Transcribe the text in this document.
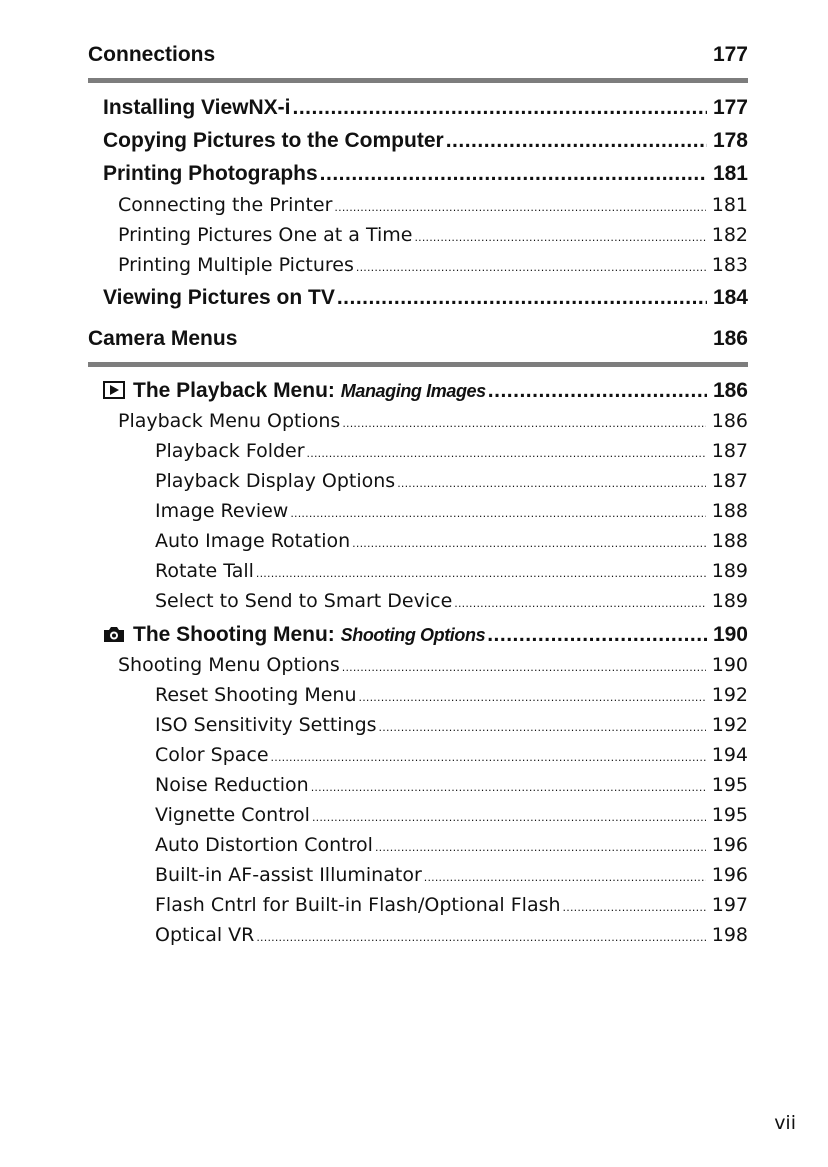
Connections	177
Installing ViewNX-i .....	177
Copying Pictures to the Computer .....	178
Printing Photographs .....	181
Connecting the Printer .....	181
Printing Pictures One at a Time .....	182
Printing Multiple Pictures .....	183
Viewing Pictures on TV .....	184
Camera Menus	186
The Playback Menu: Managing Images .....	186
Playback Menu Options .....	186
Playback Folder .....	187
Playback Display Options .....	187
Image Review .....	188
Auto Image Rotation .....	188
Rotate Tall .....	189
Select to Send to Smart Device .....	189
The Shooting Menu: Shooting Options .....	190
Shooting Menu Options .....	190
Reset Shooting Menu .....	192
ISO Sensitivity Settings .....	192
Color Space .....	194
Noise Reduction .....	195
Vignette Control .....	195
Auto Distortion Control .....	196
Built-in AF-assist Illuminator .....	196
Flash Cntrl for Built-in Flash/Optional Flash .....	197
Optical VR .....	198
vii
